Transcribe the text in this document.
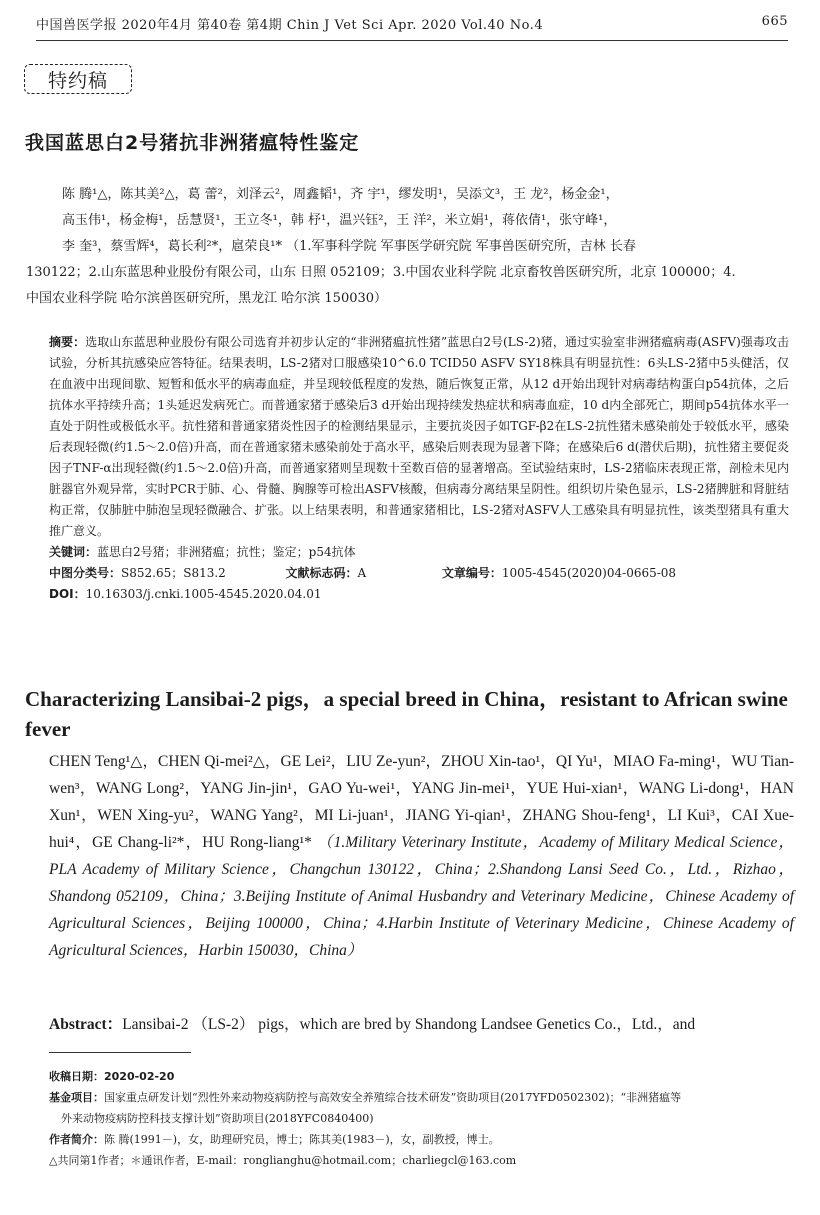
中国兽医学报 2020年4月 第40卷 第4期 Chin J Vet Sci Apr. 2020 Vol.40 No.4	665
特约稿
我国蓝思白2号猪抗非洲猪瘟特性鉴定

陈 腾¹△，陈其美²△，葛 蕾²，刘泽云²，周鑫韬¹，齐 宇¹，缪发明¹，吴添文³，王 龙²，杨金金¹，

高玉伟¹，杨金梅¹，岳慧贤¹，王立冬¹，韩 杼¹，温兴钰²，王 洋²，米立娟¹，蒋依倩¹，张守峰¹，

李 奎³，蔡雪辉⁴，葛长利²*，扈荣良¹* （1.军事科学院 军事医学研究院 军事兽医研究所，吉林 长春

130122；2.山东蓝思种业股份有限公司，山东 日照 052109；3.中国农业科学院 北京畜牧兽医研究所，北京 100000；4.

中国农业科学院 哈尔滨兽医研究所，黑龙江 哈尔滨 150030）

摘要：选取山东蓝思种业股份有限公司选育并初步认定的“非洲猪瘟抗性猪”蓝思白2号(LS-2)猪，通过实验室非洲猪瘟病毒(ASFV)强毒攻击试验，分析其抗感染应答特征。结果表明，LS-2猪对口服感染10^6.0 TCID50 ASFV SY18株具有明显抗性：6头LS-2猪中5头健活，仅在血液中出现间歇、短暂和低水平的病毒血症，并呈现较低程度的发热，随后恢复正常，从12 d开始出现针对病毒结构蛋白p54抗体，之后抗体水平持续升高；1头延迟发病死亡。而普通家猪于感染后3 d开始出现持续发热症状和病毒血症，10 d内全部死亡，期间p54抗体水平一直处于阴性或极低水平。抗性猪和普通家猪炎性因子的检测结果显示，主要抗炎因子如TGF-β2在LS-2抗性猪未感染前处于较低水平，感染后表现轻微(约1.5～2.0倍)升高，而在普通家猪未感染前处于高水平，感染后则表现为显著下降；在感染后6 d(潜伏后期)，抗性猪主要促炎因子TNF-α出现轻微(约1.5～2.0倍)升高，而普通家猪则呈现数十至数百倍的显著增高。至试验结束时，LS-2猪临床表现正常，剖检未见内脏器官外观异常，实时PCR于肺、心、骨髓、胸腺等可检出ASFV核酸，但病毒分离结果呈阴性。组织切片染色显示，LS-2猪脾脏和肾脏结构正常，仅肺脏中肺泡呈现轻微融合、扩张。以上结果表明，和普通家猪相比，LS-2猪对ASFV人工感染具有明显抗性，该类型猪具有重大推广意义。

关键词：蓝思白2号猪；非洲猪瘟；抗性；鉴定；p54抗体

中图分类号：S852.65；S813.2	文献标志码：A	文章编号：1005-4545(2020)04-0665-08

DOI：10.16303/j.cnki.1005-4545.2020.04.01

Characterizing Lansibai-2 pigs，a special breed in China，resistant to African swine fever
CHEN Teng¹△，CHEN Qi-mei²△，GE Lei²，LIU Ze-yun²，ZHOU Xin-tao¹，QI Yu¹，MIAO Fa-ming¹，WU Tian-wen³，WANG Long²，YANG Jin-jin¹，GAO Yu-wei¹，YANG Jin-mei¹，YUE Hui-xian¹，WANG Li-dong¹，HAN Xun¹，WEN Xing-yu²，WANG Yang²，MI Li-juan¹，JIANG Yi-qian¹，ZHANG Shou-feng¹，LI Kui³，CAI Xue-hui⁴，GE Chang-li²*，HU Rong-liang¹* （1.Military Veterinary Institute，Academy of Military Medical Science，PLA Academy of Military Science，Changchun 130122，China；2.Shandong Lansi Seed Co.，Ltd.，Rizhao，Shandong 052109，China；3.Beijing Institute of Animal Husbandry and Veterinary Medicine，Chinese Academy of Agricultural Sciences，Beijing 100000，China；4.Harbin Institute of Veterinary Medicine，Chinese Academy of Agricultural Sciences，Harbin 150030，China）
Abstract：Lansibai-2 （LS-2） pigs，which are bred by Shandong Landsee Genetics Co.，Ltd.，and

收稿日期：2020-02-20

基金项目：国家重点研发计划“烈性外来动物疫病防控与高效安全养殖综合技术研发”资助项目(2017YFD0502302)；“非洲猪瘟等

外来动物疫病防控科技支撑计划”资助项目(2018YFC0840400)

作者简介：陈 腾(1991－)，女，助理研究员，博士；陈其美(1983－)，女，副教授，博士。

△共同第1作者；＊通讯作者，E-mail：ronglianghu@hotmail.com；charliegcl@163.com
